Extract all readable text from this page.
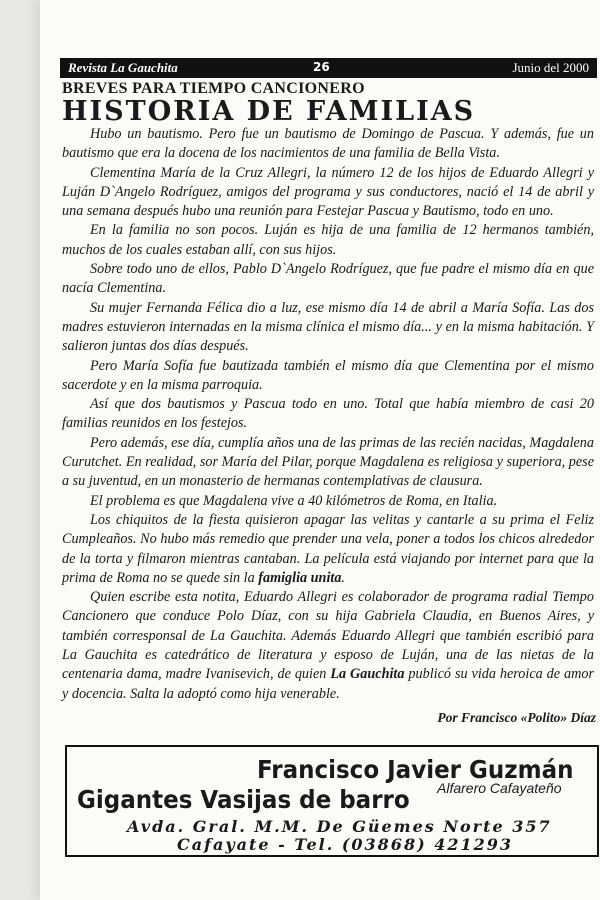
Revista La Gauchita	26	Junio del 2000
BREVES PARA TIEMPO CANCIONERO
HISTORIA DE FAMILIAS

Hubo un bautismo. Pero fue un bautismo de Domingo de Pascua. Y además, fue un bautismo que era la docena de los nacimientos de una familia de Bella Vista.

Clementina María de la Cruz Allegri, la número 12 de los hijos de Eduardo Allegri y Luján D`Angelo Rodríguez, amigos del programa y sus conductores, nació el 14 de abril y una semana después hubo una reunión para Festejar Pascua y Bautismo, todo en uno.

En la familia no son pocos. Luján es hija de una familia de 12 hermanos también, muchos de los cuales estaban allí, con sus hijos.

Sobre todo uno de ellos, Pablo D`Angelo Rodríguez, que fue padre el mismo día en que nacía Clementina.

Su mujer Fernanda Félica dio a luz, ese mismo día 14 de abril a María Sofía. Las dos madres estuvieron internadas en la misma clínica el mismo día... y en la misma habitación. Y salieron juntas dos días después.

Pero María Sofía fue bautizada también el mismo día que Clementina por el mismo sacerdote y en la misma parroquia.

Así que dos bautismos y Pascua todo en uno. Total que había miembro de casi 20 familias reunidos en los festejos.

Pero además, ese día, cumplía años una de las primas de las recién nacidas, Magdalena Curutchet. En realidad, sor María del Pilar, porque Magdalena es religiosa y superiora, pese a su juventud, en un monasterio de hermanas contemplativas de clausura.

El problema es que Magdalena vive a 40 kilómetros de Roma, en Italia.

Los chiquitos de la fiesta quisieron apagar las velitas y cantarle a su prima el Feliz Cumpleaños. No hubo más remedio que prender una vela, poner a todos los chicos alrededor de la torta y filmaron mientras cantaban. La película está viajando por internet para que la prima de Roma no se quede sin la famiglia unita.

Quien escribe esta notita, Eduardo Allegri es colaborador de programa radial Tiempo Cancionero que conduce Polo Díaz, con su hija Gabriela Claudia, en Buenos Aires, y también corresponsal de La Gauchita. Además Eduardo Allegri que también escribió para La Gauchita es catedrático de literatura y esposo de Luján, una de las nietas de la centenaria dama, madre Ivanisevich, de quien La Gauchita publicó su vida heroica de amor y docencia. Salta la adoptó como hija venerable.

Por Francisco «Polito» Díaz
Francisco Javier Guzmán
Alfarero Cafayateño
Gigantes Vasijas de barro
Avda. Gral. M.M. De Güemes Norte 357
Cafayate - Tel. (03868) 421293
